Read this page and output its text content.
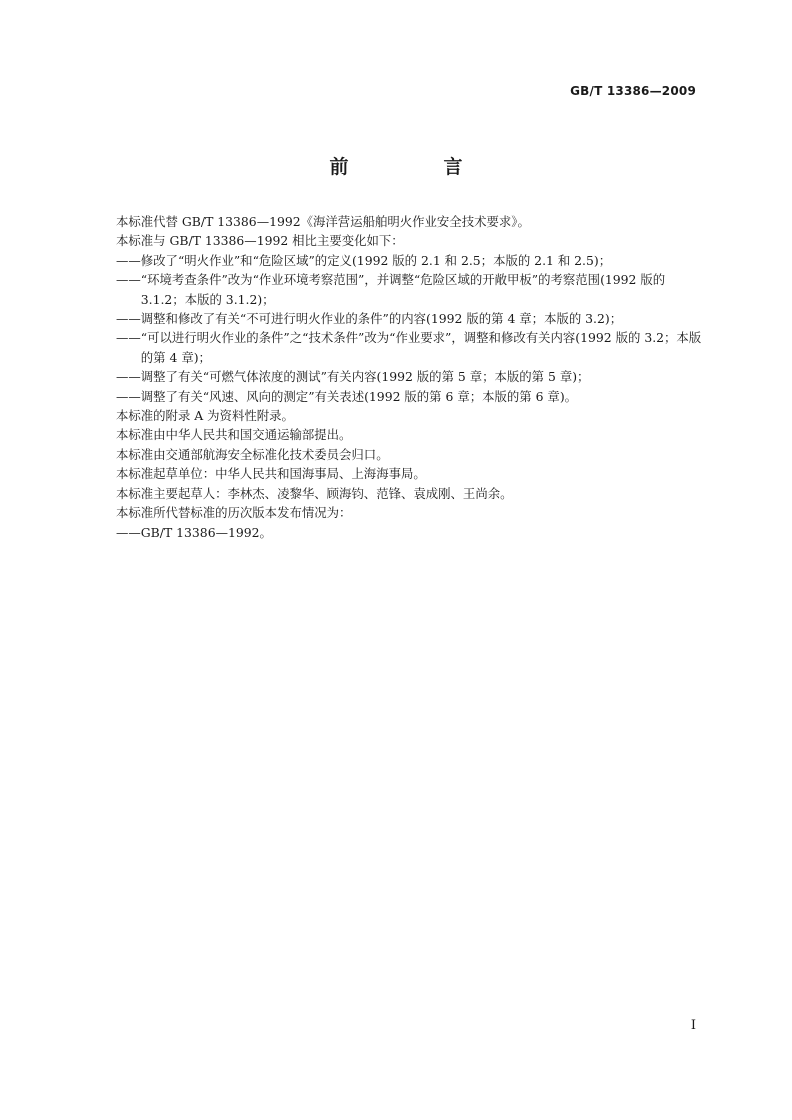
GB/T 13386—2009
前　言
本标准代替 GB/T 13386—1992《海洋营运船舶明火作业安全技术要求》。
本标准与 GB/T 13386—1992 相比主要变化如下：
—— 修改了“明火作业”和“危险区域”的定义(1992 版的 2.1 和 2.5；本版的 2.1 和 2.5)；
—— “环境考查条件”改为“作业环境考察范围”，并调整“危险区域的开敞甲板”的考察范围(1992 版的 3.1.2；本版的 3.1.2)；
—— 调整和修改了有关“不可进行明火作业的条件”的内容(1992 版的第 4 章；本版的 3.2)；
—— “可以进行明火作业的条件”之“技术条件”改为“作业要求”，调整和修改有关内容(1992 版的 3.2；本版的第 4 章)；
—— 调整了有关“可燃气体浓度的测试”有关内容(1992 版的第 5 章；本版的第 5 章)；
—— 调整了有关“风速、风向的测定”有关表述(1992 版的第 6 章；本版的第 6 章)。
本标准的附录 A 为资料性附录。
本标准由中华人民共和国交通运输部提出。
本标准由交通部航海安全标准化技术委员会归口。
本标准起草单位：中华人民共和国海事局、上海海事局。
本标准主要起草人：李林杰、凌黎华、顾海钧、范锋、袁成刚、王尚余。
本标准所代替标准的历次版本发布情况为：
—— GB/T 13386—1992。
I
